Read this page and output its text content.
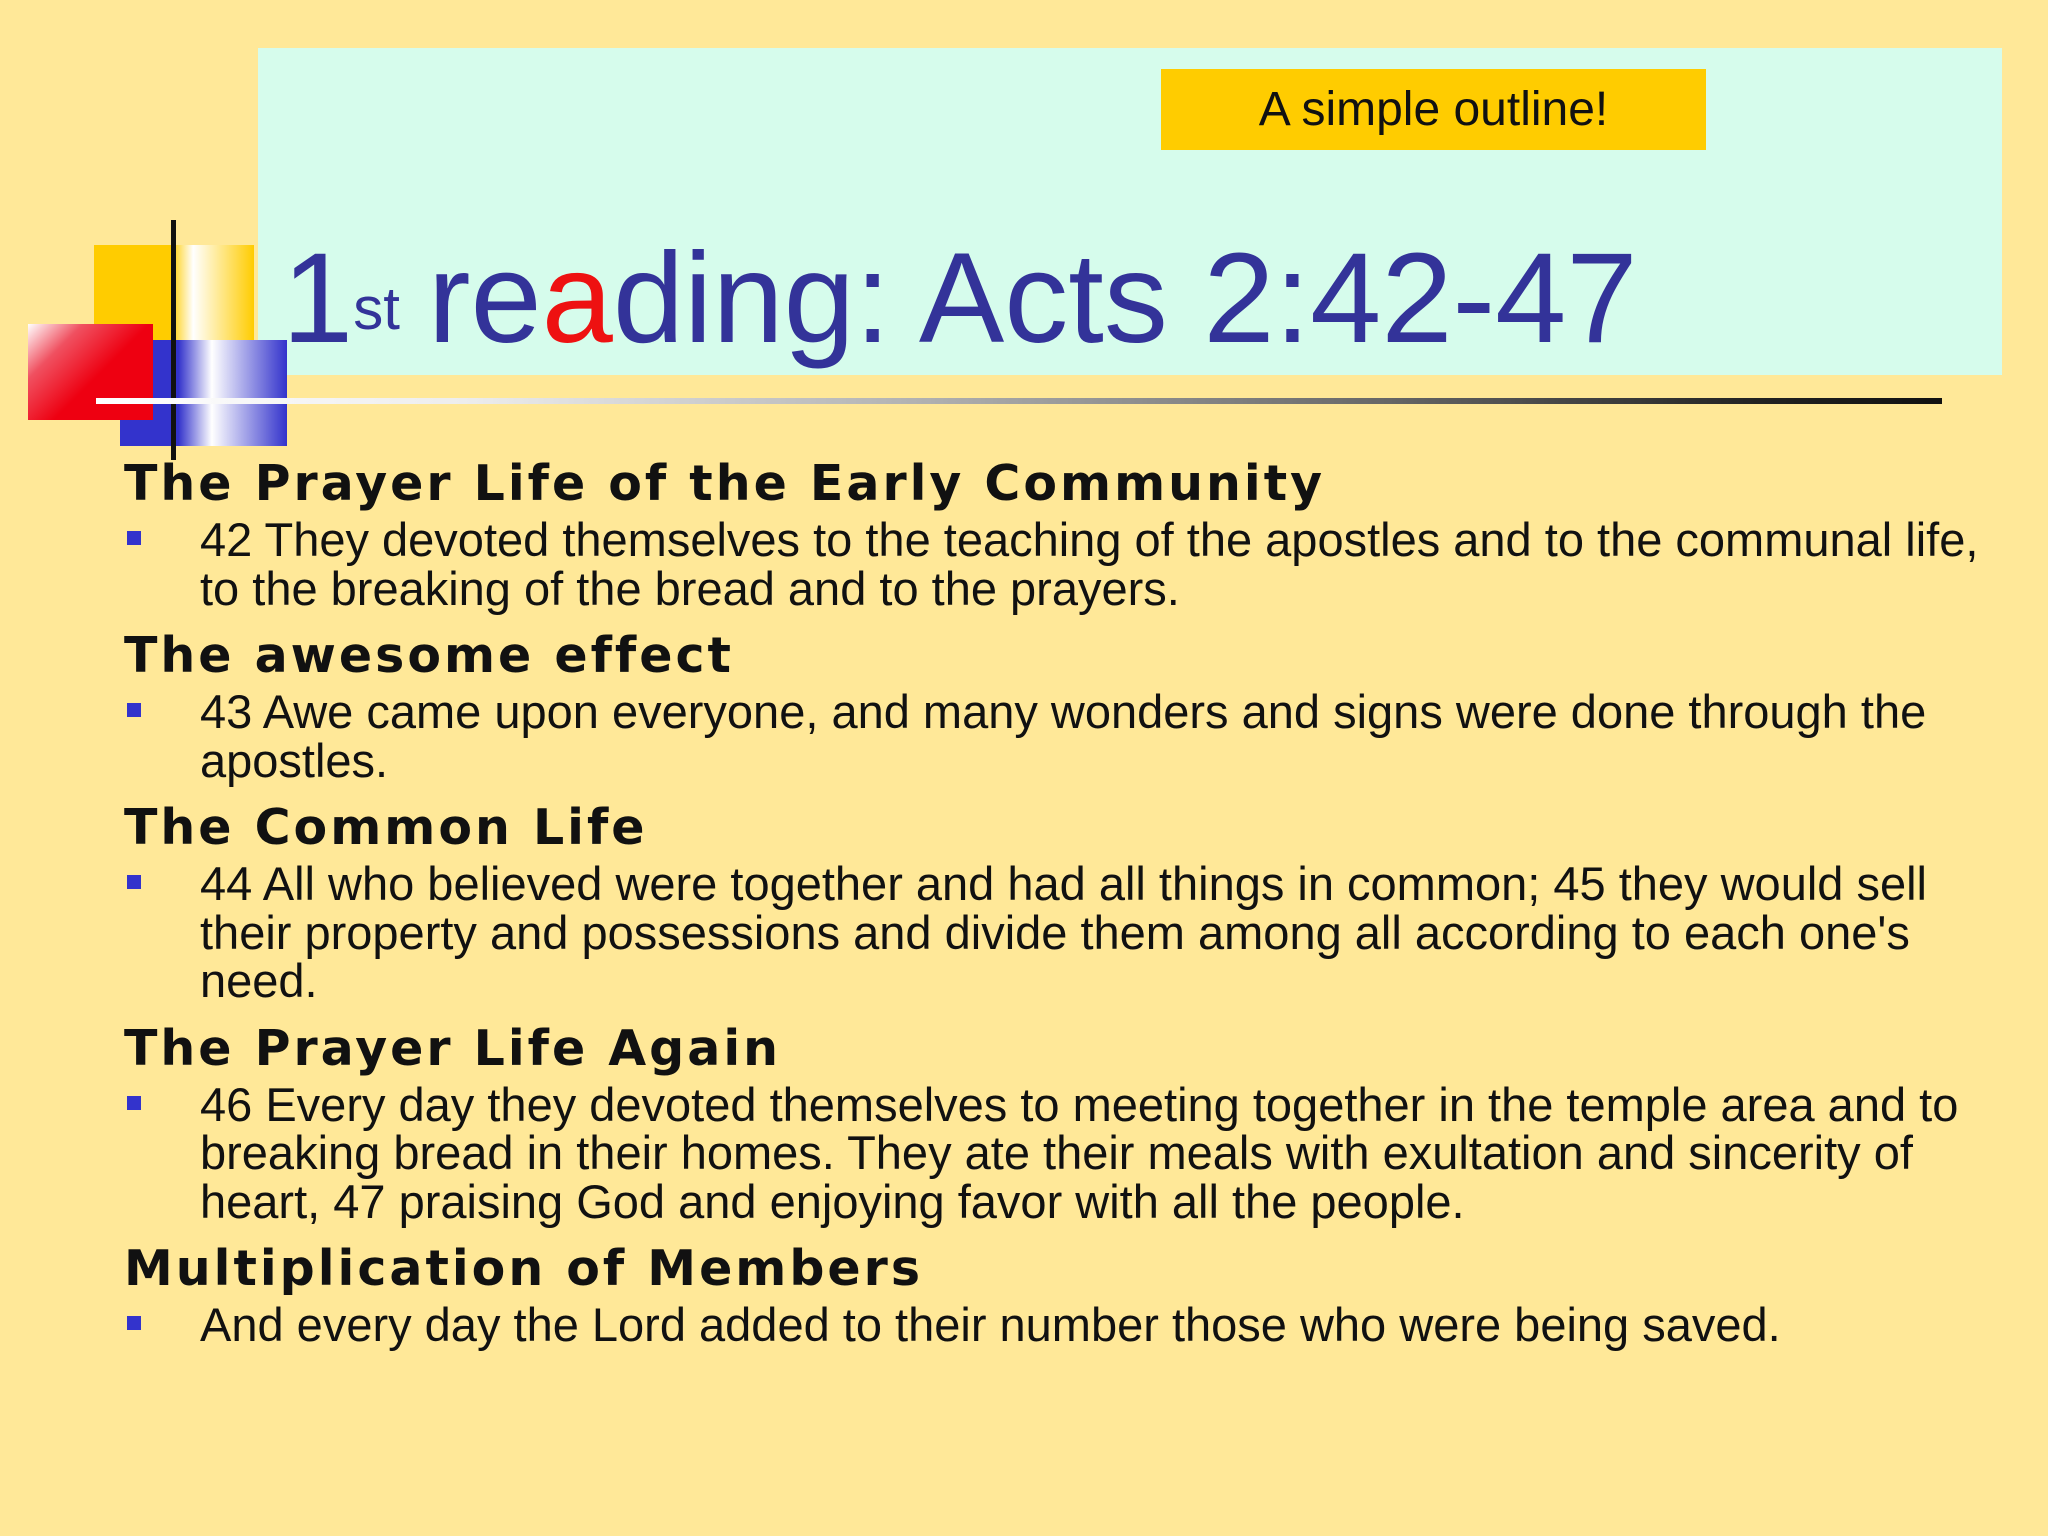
A simple outline!
1st reading: Acts 2:42-47

The Prayer Life of the Early Community

42 They devoted themselves to the teaching of the apostles and to the communal life, to the breaking of the bread and to the prayers.

The awesome effect

43 Awe came upon everyone, and many wonders and signs were done through the apostles.

The Common Life

44 All who believed were together and had all things in common; 45 they would sell their property and possessions and divide them among all according to each one's need.

The Prayer Life Again

46 Every day they devoted themselves to meeting together in the temple area and to breaking bread in their homes. They ate their meals with exultation and sincerity of heart, 47 praising God and enjoying favor with all the people.

Multiplication of Members

And every day the Lord added to their number those who were being saved.
